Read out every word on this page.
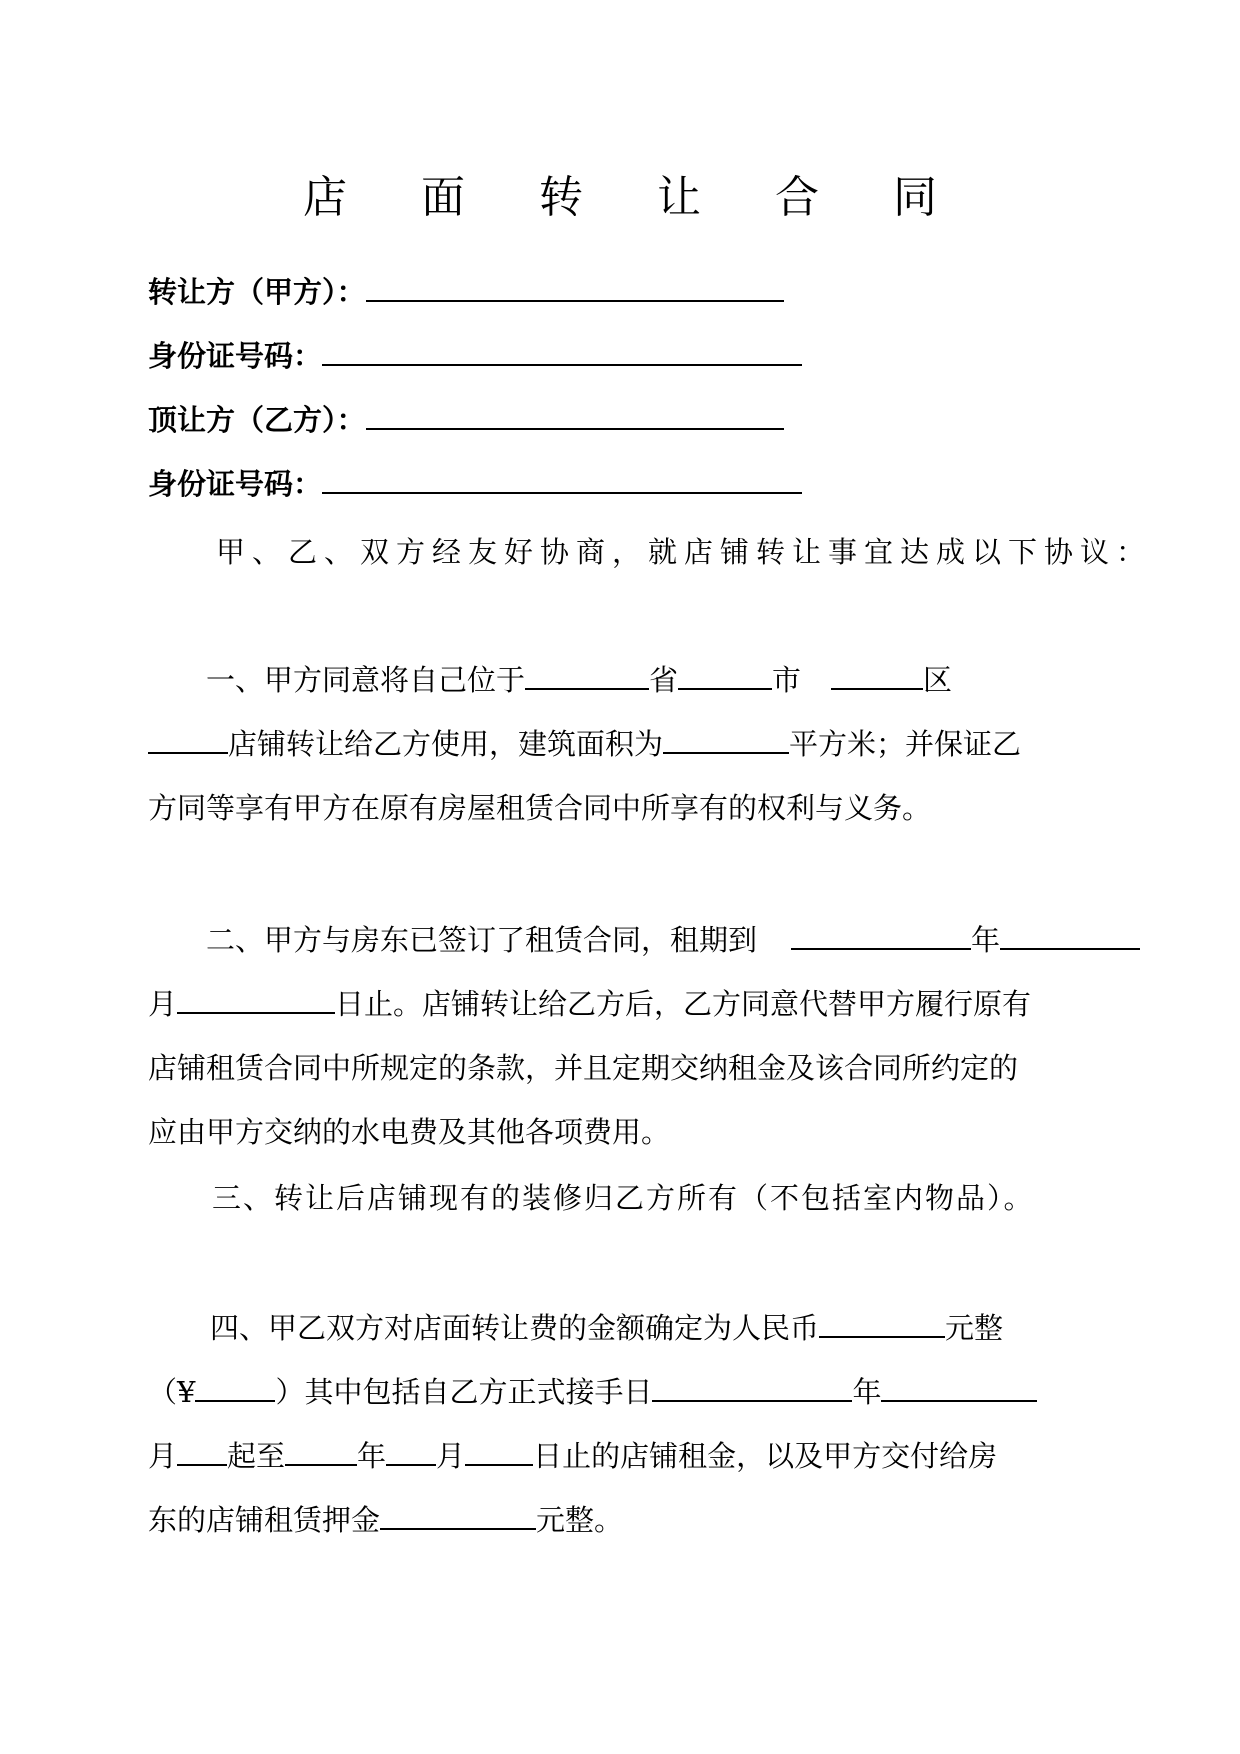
店 面 转 让 合 同
转让方（甲方）：
身份证号码：
顶让方（乙方）：
身份证号码：
甲、乙、双方经友好协商，就店铺转让事宜达成以下协议：
一、甲方同意将自己位于	省	市	区
店铺转让给乙方使用，建筑面积为	平方米；并保证乙
方同等享有甲方在原有房屋租赁合同中所享有的权利与义务。
二、甲方与房东已签订了租赁合同，租期到	年
月	日止。店铺转让给乙方后，乙方同意代替甲方履行原有
店铺租赁合同中所规定的条款，并且定期交纳租金及该合同所约定的
应由甲方交纳的水电费及其他各项费用。
三、转让后店铺现有的装修归乙方所有（不包括室内物品）。
四、甲乙双方对店面转让费的金额确定为人民币	元整
（¥	）其中包括自乙方正式接手日	年
月 起至 年 月 日止的店铺租金，以及甲方交付给房
东的店铺租赁押金	元整。
